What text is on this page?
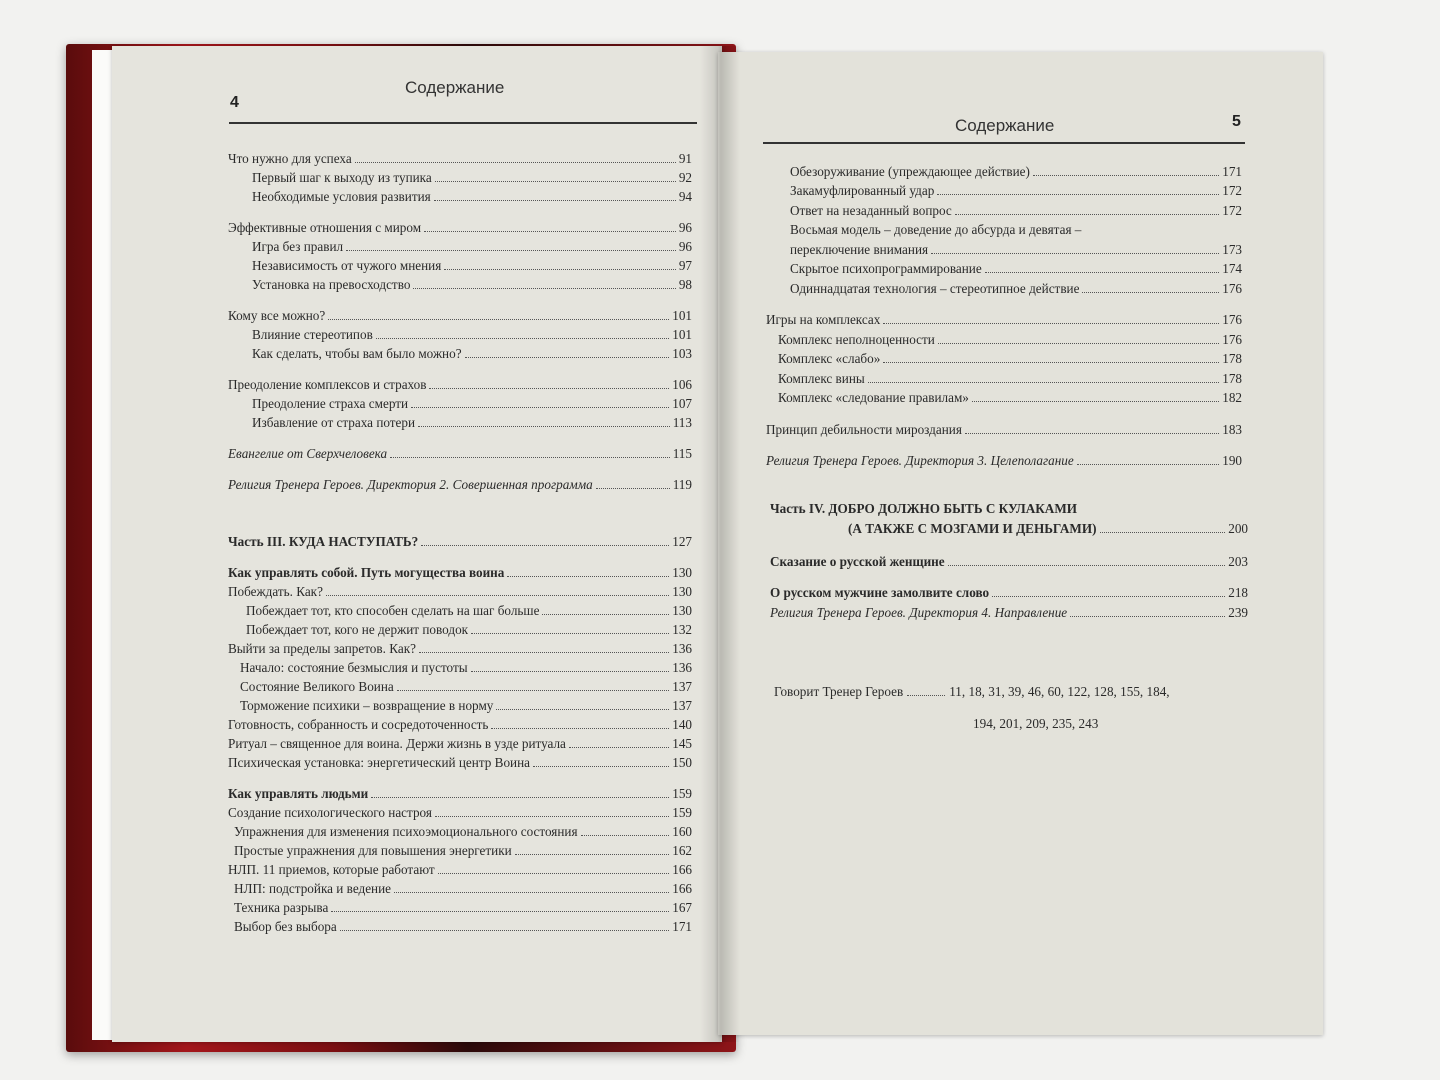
4
Содержание
Что нужно для успеха	91
Первый шаг к выходу из тупика	92
Необходимые условия развития	94
Эффективные отношения с миром	96
Игра без правил	96
Независимость от чужого мнения	97
Установка на превосходство	98
Кому все можно?	101
Влияние стереотипов	101
Как сделать, чтобы вам было можно?	103
Преодоление комплексов и страхов	106
Преодоление страха смерти	107
Избавление от страха потери	113
Евангелие от Сверхчеловека	115
Религия Тренера Героев. Директория 2. Совершенная программа	119
Часть III. КУДА НАСТУПАТЬ?	127
Как управлять собой. Путь могущества воина	130
Побеждать. Как?	130
Побеждает тот, кто способен сделать на шаг больше	130
Побеждает тот, кого не держит поводок	132
Выйти за пределы запретов. Как?	136
Начало: состояние безмыслия и пустоты	136
Состояние Великого Воина	137
Торможение психики – возвращение в норму	137
Готовность, собранность и сосредоточенность	140
Ритуал – священное для воина. Держи жизнь в узде ритуала	145
Психическая установка: энергетический центр Воина	150
Как управлять людьми	159
Создание психологического настроя	159
Упражнения для изменения психоэмоционального состояния	160
Простые упражнения для повышения энергетики	162
НЛП. 11 приемов, которые работают	166
НЛП: подстройка и ведение	166
Техника разрыва	167
Выбор без выбора	171
Содержание	5
Обезоруживание (упреждающее действие)	171
Закамуфлированный удар	172
Ответ на незаданный вопрос	172
Восьмая модель – доведение до абсурда и девятая –
переключение внимания	173
Скрытое психопрограммирование	174
Одиннадцатая технология – стереотипное действие	176
Игры на комплексах	176
Комплекс неполноценности	176
Комплекс «слабо»	178
Комплекс вины	178
Комплекс «следование правилам»	182
Принцип дебильности мироздания	183
Религия Тренера Героев. Директория 3. Целеполагание	190
Часть IV. ДОБРО ДОЛЖНО БЫТЬ С КУЛАКАМИ
(А ТАКЖЕ С МОЗГАМИ И ДЕНЬГАМИ)	200
Сказание о русской женщине	203
О русском мужчине замолвите слово	218
Религия Тренера Героев. Директория 4. Направление	239
Говорит Тренер Героев	11, 18, 31, 39, 46, 60, 122, 128, 155, 184,
194, 201, 209, 235, 243
